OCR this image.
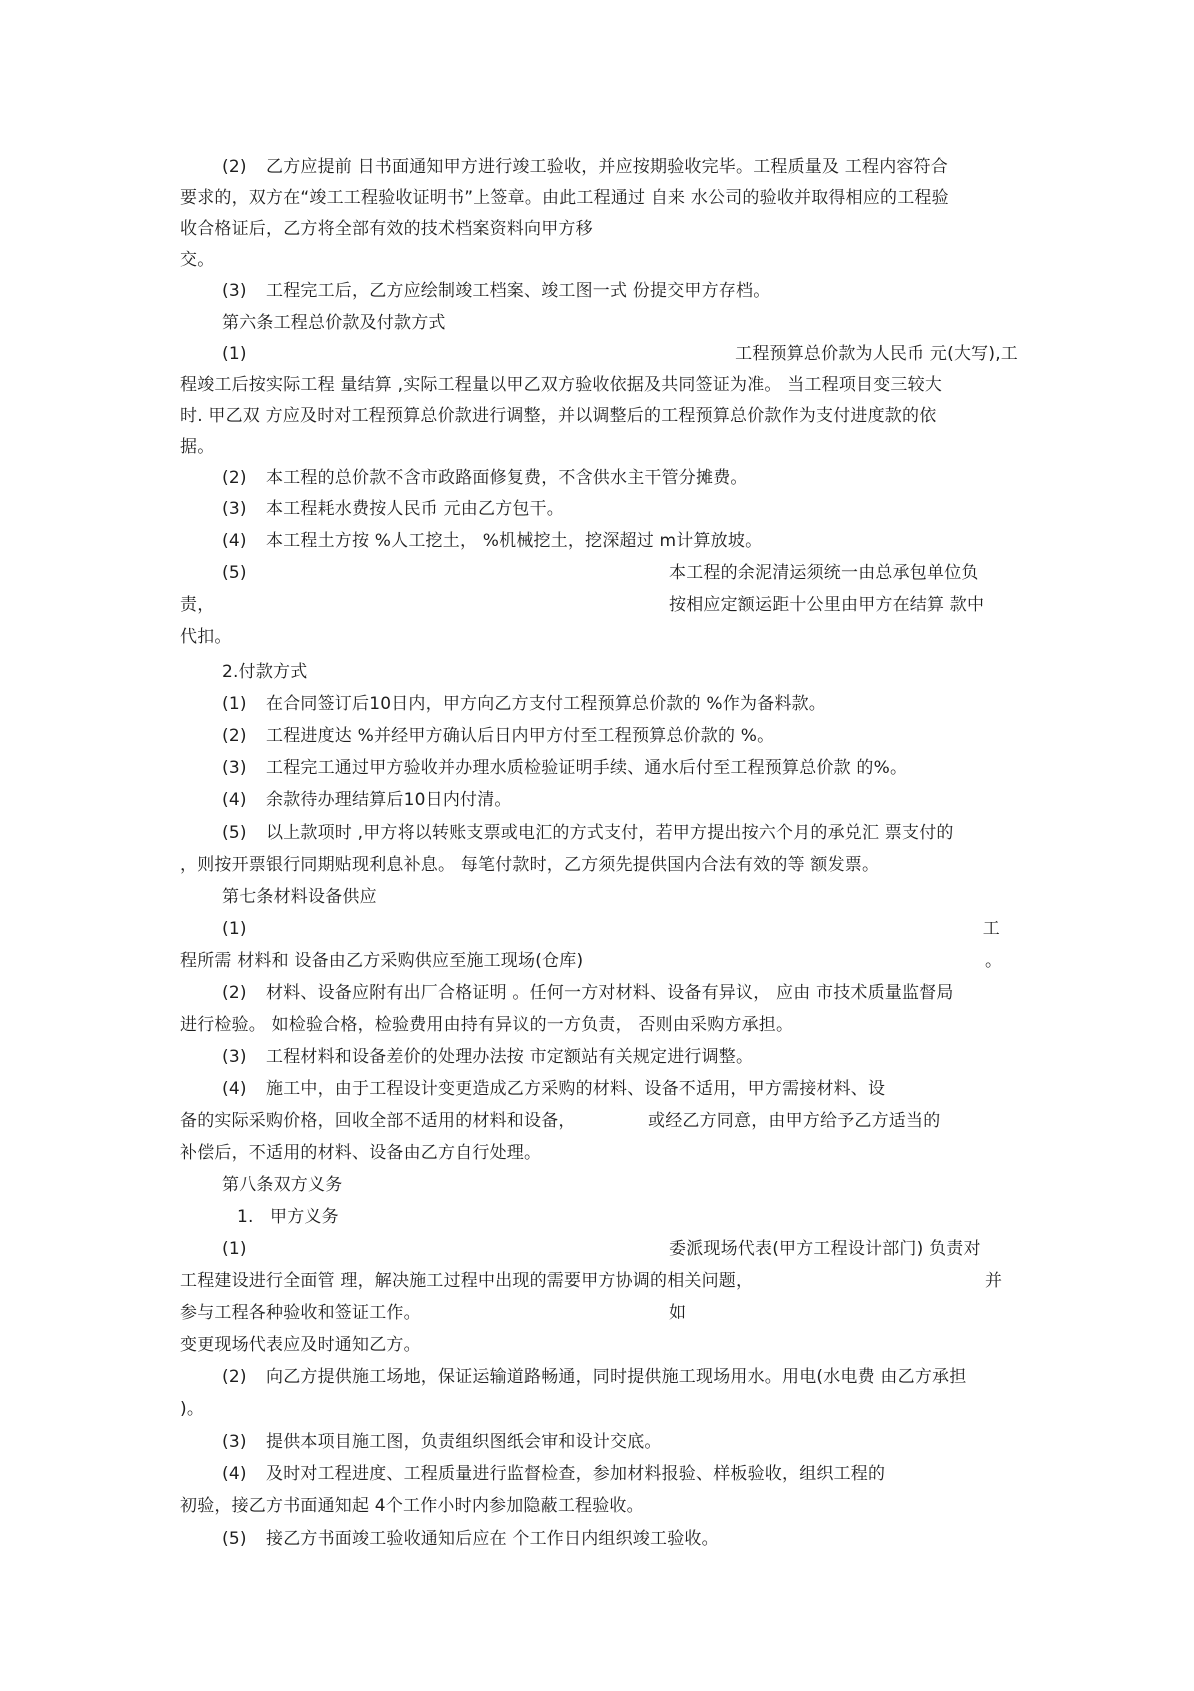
(2) 乙方应提前 日书面通知甲方进行竣工验收，并应按期验收完毕。工程质量及 工程内容符合
要求的，双方在“竣工工程验收证明书”上签章。由此工程通过 自来 水公司的验收并取得相应的工程验
收合格证后，乙方将全部有效的技术档案资料向甲方移
交。
(3) 工程完工后，乙方应绘制竣工档案、竣工图一式 份提交甲方存档。
第六条工程总价款及付款方式
(1)	工程预算总价款为人民币 元(大写),工
程竣工后按实际工程 量结算 ,实际工程量以甲乙双方验收依据及共同签证为准。 当工程项目变三较大
时. 甲乙双 方应及时对工程预算总价款进行调整，并以调整后的工程预算总价款作为支付进度款的依
据。
(2) 本工程的总价款不含市政路面修复费，不含供水主干管分摊费。
(3) 本工程耗水费按人民币 元由乙方包干。
(4) 本工程土方按 %人工挖土， %机械挖土，挖深超过 m计算放坡。
(5)	本工程的余泥清运须统一由总承包单位负
责，	按相应定额运距十公里由甲方在结算 款中
代扣。
2.付款方式
(1) 在合同签订后10日内，甲方向乙方支付工程预算总价款的 %作为备料款。
(2) 工程进度达 %并经甲方确认后日内甲方付至工程预算总价款的 %。
(3) 工程完工通过甲方验收并办理水质检验证明手续、通水后付至工程预算总价款 的%。
(4) 余款待办理结算后10日内付清。
(5) 以上款项时 ,甲方将以转账支票或电汇的方式支付，若甲方提出按六个月的承兑汇 票支付的
，则按开票银行同期贴现利息补息。 每笔付款时，乙方须先提供国内合法有效的等 额发票。
第七条材料设备供应
(1)	工
程所需 材料和 设备由乙方采购供应至施工现场(仓库)	。
(2) 材料、设备应附有出厂合格证明 。任何一方对材料、设备有异议， 应由 市技术质量监督局
进行检验。 如检验合格，检验费用由持有异议的一方负责， 否则由采购方承担。
(3) 工程材料和设备差价的处理办法按 市定额站有关规定进行调整。
(4) 施工中，由于工程设计变更造成乙方采购的材料、设备不适用，甲方需接材料、设
备的实际采购价格，回收全部不适用的材料和设备，	或经乙方同意，由甲方给予乙方适当的
补偿后，不适用的材料、设备由乙方自行处理。
第八条双方义务
1. 甲方义务
(1)	委派现场代表(甲方工程设计部门) 负责对
工程建设进行全面管 理，解决施工过程中出现的需要甲方协调的相关问题，	并
参与工程各种验收和签证工作。	如
变更现场代表应及时通知乙方。
(2) 向乙方提供施工场地，保证运输道路畅通，同时提供施工现场用水。用电(水电费 由乙方承担
)。
(3) 提供本项目施工图，负责组织图纸会审和设计交底。
(4) 及时对工程进度、工程质量进行监督检查，参加材料报验、样板验收，组织工程的
初验，接乙方书面通知起 4个工作小时内参加隐蔽工程验收。
(5) 接乙方书面竣工验收通知后应在 个工作日内组织竣工验收。
